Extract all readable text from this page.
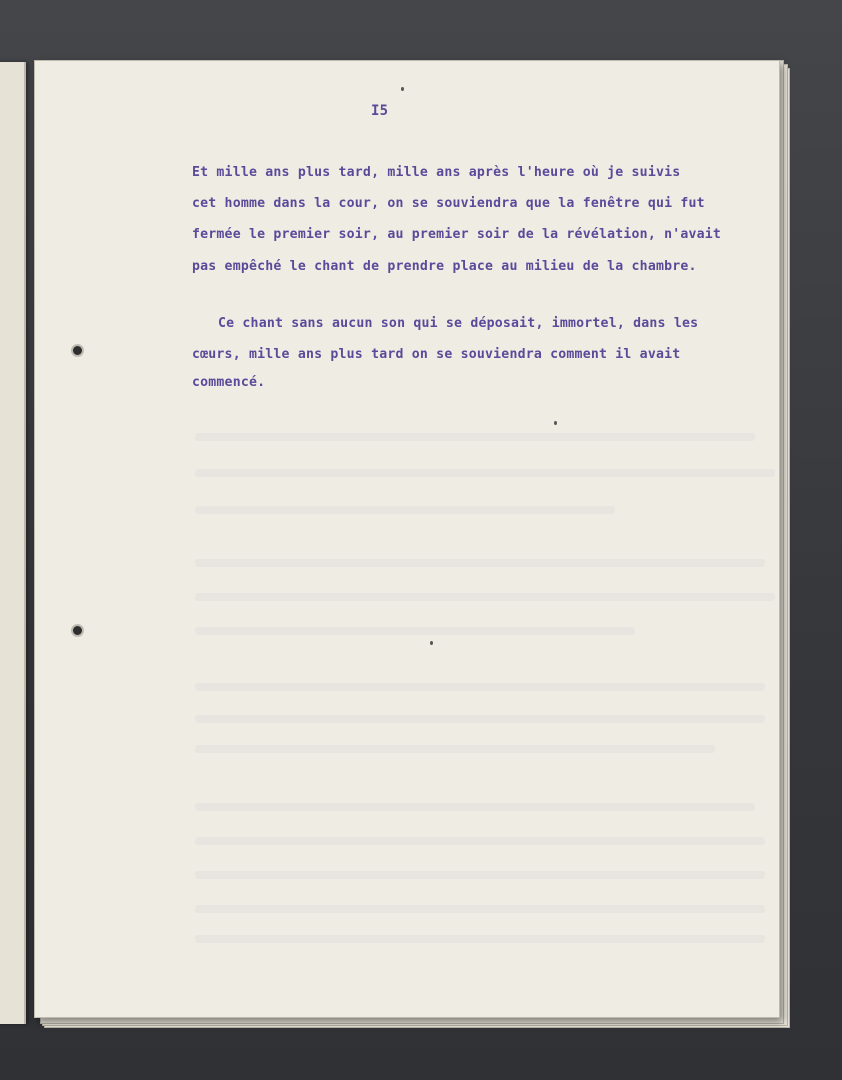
I5
Et mille ans plus tard, mille ans après l'heure où je suivis
cet homme dans la cour, on se souviendra que la fenêtre qui fut
fermée le premier soir, au premier soir de la révélation, n'avait
pas empêché le chant de prendre place au milieu de la chambre.
Ce chant sans aucun son qui se déposait, immortel, dans les
cœurs, mille ans plus tard on se souviendra comment il avait
commencé.
